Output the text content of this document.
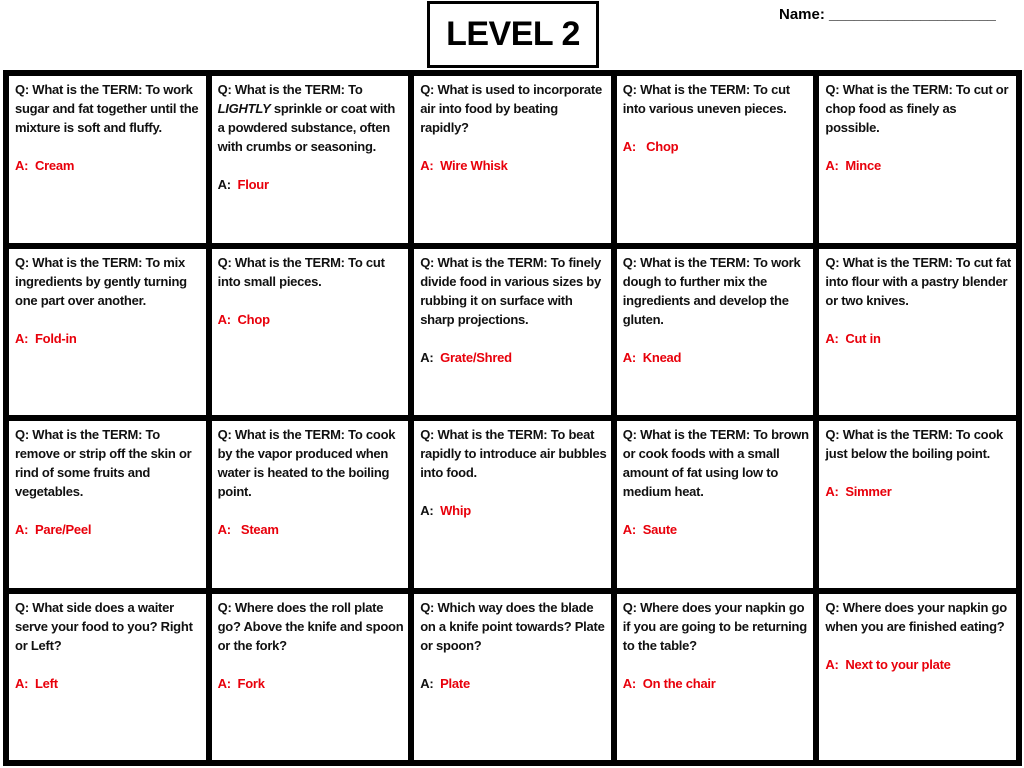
LEVEL 2
Name: ____________________
Q: What is the TERM: To work sugar and fat together until the mixture is soft and fluffy.
A:  Cream
Q: What is the TERM: To LIGHTLY sprinkle or coat with a powdered substance, often with crumbs or seasoning.
A:  Flour
Q: What is used to incorporate air into food by beating rapidly?
A:  Wire Whisk
Q: What is the TERM: To cut into various uneven pieces.
A:   Chop
Q: What is the TERM: To cut or chop food as finely as possible.
A:  Mince
Q: What is the TERM: To mix ingredients by gently turning one part over another.
A:  Fold-in
Q: What is the TERM: To cut into small pieces.
A:  Chop
Q: What is the TERM: To finely divide food in various sizes by rubbing it on surface with sharp projections.
A:  Grate/Shred
Q: What is the TERM: To work dough to further mix the ingredients and develop the gluten.
A:  Knead
Q: What is the TERM: To cut fat into flour with a pastry blender or two knives.
A:  Cut in
Q: What is the TERM: To remove or strip off the skin or rind of some fruits and vegetables.
A:  Pare/Peel
Q: What is the TERM: To cook by the vapor produced when water is heated to the boiling point.
A:   Steam
Q: What is the TERM: To beat rapidly to introduce air bubbles into food.
A:  Whip
Q: What is the TERM: To brown or cook foods with a small amount of fat using low to medium heat.
A:  Saute
Q: What is the TERM: To cook just below the boiling point.
A:  Simmer
Q: What side does a waiter serve your food to you? Right or Left?
A:  Left
Q: Where does the roll plate go? Above the knife and spoon or the fork?
A:  Fork
Q: Which way does the blade on a knife point towards? Plate or spoon?
A:  Plate
Q: Where does your napkin go if you are going to be returning to the table?
A:  On the chair
Q: Where does your napkin go when you are finished eating?
A:  Next to your plate
